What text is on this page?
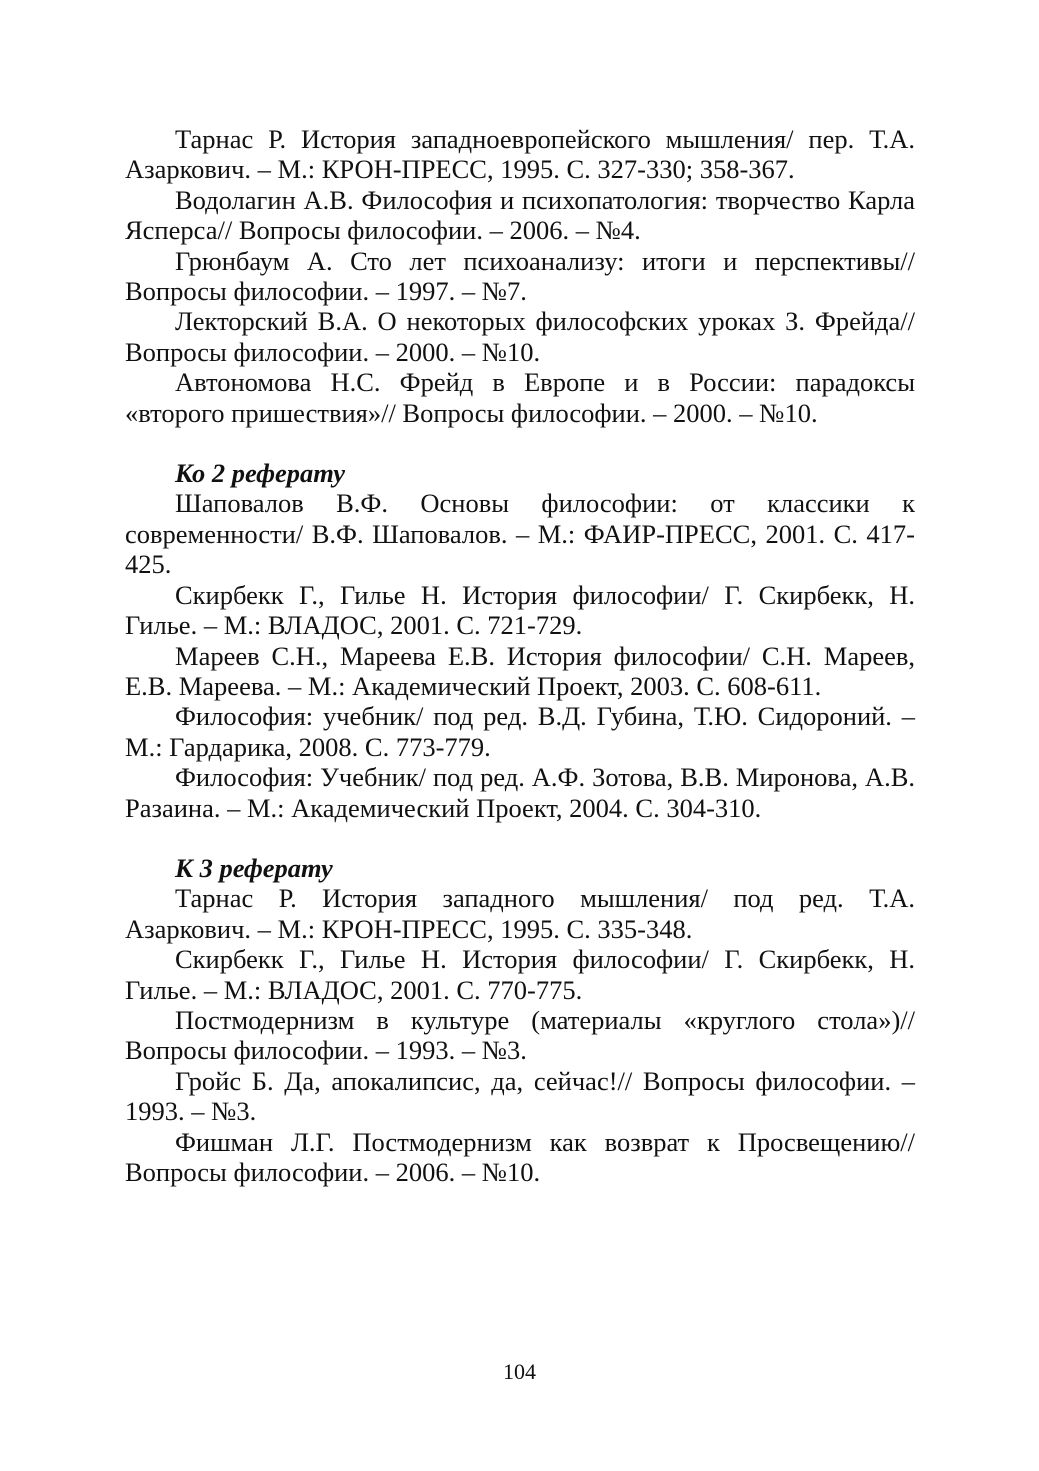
Тарнас Р. История западноевропейского мышления/ пер. Т.А. Азаркович. – М.: КРОН-ПРЕСС, 1995. С. 327-330; 358-367.

Водолагин А.В. Философия и психопатология: творчество Карла Ясперса// Вопросы философии. – 2006. – №4.

Грюнбаум А. Сто лет психоанализу: итоги и перспективы// Вопросы философии. – 1997. – №7.

Лекторский В.А. О некоторых философских уроках З. Фрейда// Вопросы философии. – 2000. – №10.

Автономова Н.С. Фрейд в Европе и в России: парадоксы «второго пришествия»// Вопросы философии. – 2000. – №10.

Ко 2 реферату

Шаповалов В.Ф. Основы философии: от классики к современности/ В.Ф. Шаповалов. – М.: ФАИР-ПРЕСС, 2001. С. 417-425.

Скирбекк Г., Гилье Н. История философии/ Г. Скирбекк, Н. Гилье. – М.: ВЛАДОС, 2001. С. 721-729.

Мареев С.Н., Мареева Е.В. История философии/ С.Н. Мареев, Е.В. Мареева. – М.: Академический Проект, 2003. С. 608-611.

Философия: учебник/ под ред. В.Д. Губина, Т.Ю. Сидороний. – М.: Гардарика, 2008. С. 773-779.

Философия: Учебник/ под ред. А.Ф. Зотова, В.В. Миронова, А.В. Разаина. – М.: Академический Проект, 2004. С. 304-310.

К 3 реферату

Тарнас Р. История западного мышления/ под ред. Т.А. Азаркович. – М.: КРОН-ПРЕСС, 1995. С. 335-348.

Скирбекк Г., Гилье Н. История философии/ Г. Скирбекк, Н. Гилье. – М.: ВЛАДОС, 2001. С. 770-775.

Постмодернизм в культуре (материалы «круглого стола»)// Вопросы философии. – 1993. – №3.

Гройс Б. Да, апокалипсис, да, сейчас!// Вопросы философии. – 1993. – №3.

Фишман Л.Г. Постмодернизм как возврат к Просвещению// Вопросы философии. – 2006. – №10.

104
